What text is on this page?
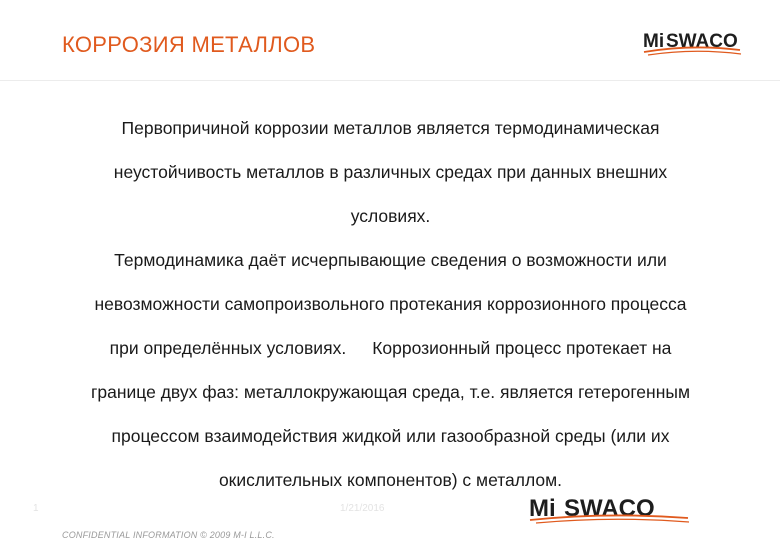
КОРРОЗИЯ МЕТАЛЛОВ	Mi SWACO

Первопричиной коррозии металлов является термодинамическая

неустойчивость металлов в различных средах при данных внешних

условиях.

Термодинамика даёт исчерпывающие сведения о возможности или

невозможности самопроизвольного протекания коррозионного процесса

при определённых условиях. Коррозионный процесс протекает на

границе двух фаз: металлокружающая среда, т.е. является гетерогенным

процессом взаимодействия жидкой или газообразной среды (или их

окислительных компонентов) с металлом.

1	1/21/2016	Mi SWACO
CONFIDENTIAL INFORMATION © 2009 M-I L.L.C.
